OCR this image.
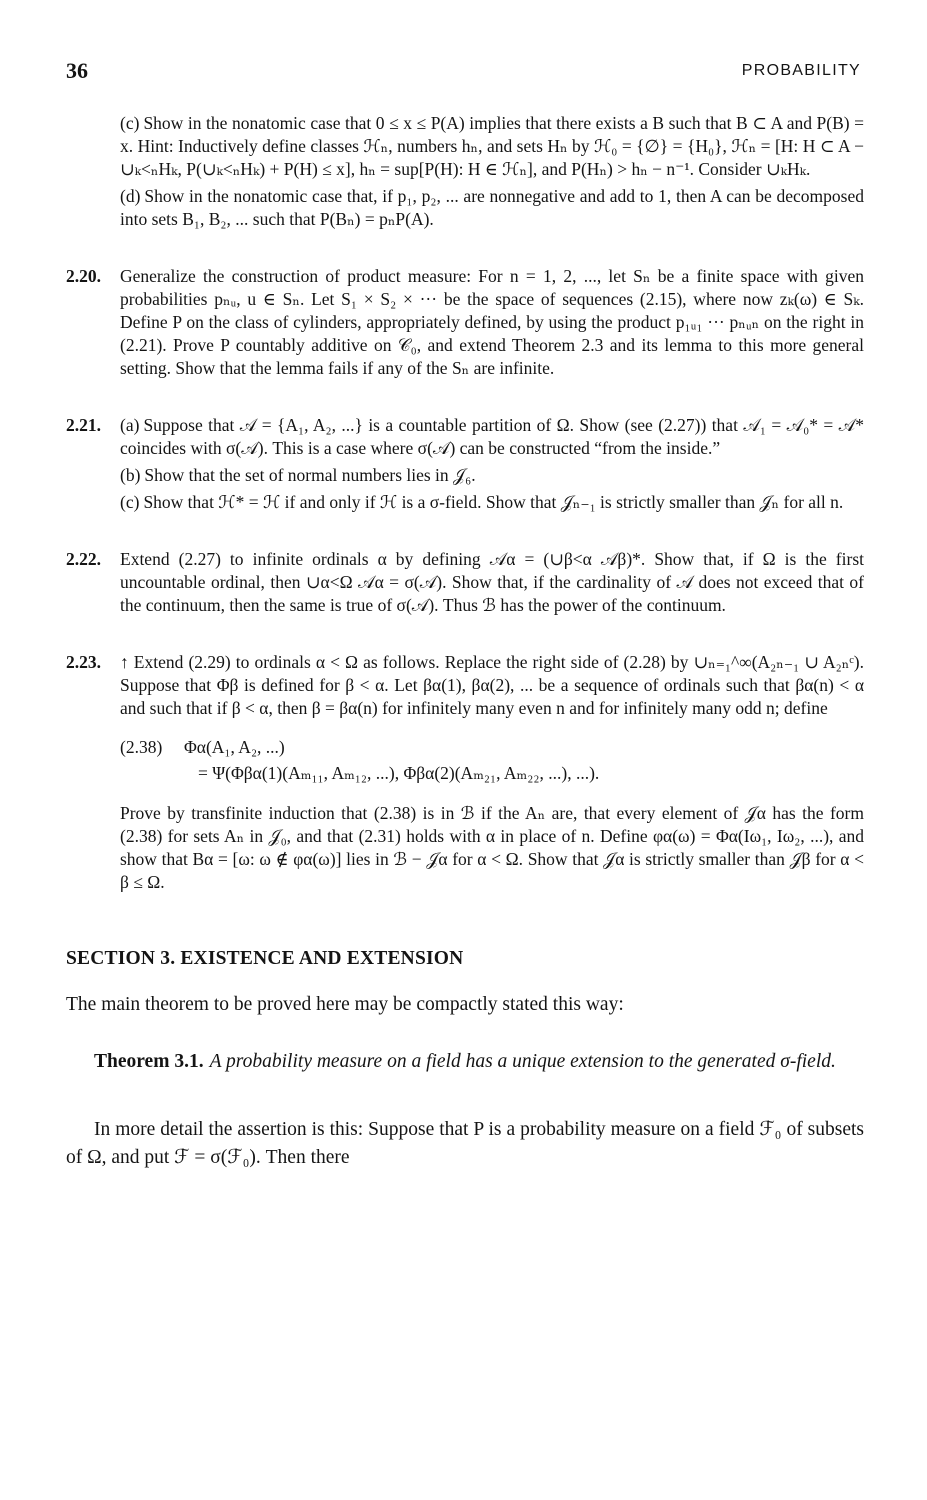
36	PROBABILITY

(c) Show in the nonatomic case that 0 ≤ x ≤ P(A) implies that there exists a B such that B ⊂ A and P(B) = x. Hint: Inductively define classes ℋₙ, numbers hₙ, and sets Hₙ by ℋ₀ = {∅} = {H₀}, ℋₙ = [H: H ⊂ A − ∪ₖ<ₙHₖ, P(∪ₖ<ₙHₖ) + P(H) ≤ x], hₙ = sup[P(H): H ∈ ℋₙ], and P(Hₙ) > hₙ − n⁻¹. Consider ∪ₖHₖ.

(d) Show in the nonatomic case that, if p₁, p₂, ... are nonnegative and add to 1, then A can be decomposed into sets B₁, B₂, ... such that P(Bₙ) = pₙP(A).

2.20. Generalize the construction of product measure: For n = 1, 2, ..., let Sₙ be a finite space with given probabilities pₙᵤ, u ∈ Sₙ. Let S₁ × S₂ × ··· be the space of sequences (2.15), where now zₖ(ω) ∈ Sₖ. Define P on the class of cylinders, appropriately defined, by using the product p₁ᵤ₁ ··· pₙᵤₙ on the right in (2.21). Prove P countably additive on 𝒞₀, and extend Theorem 2.3 and its lemma to this more general setting. Show that the lemma fails if any of the Sₙ are infinite.

2.21. (a) Suppose that 𝒜 = {A₁, A₂, ...} is a countable partition of Ω. Show (see (2.27)) that 𝒜₁ = 𝒜₀* = 𝒜* coincides with σ(𝒜). This is a case where σ(𝒜) can be constructed “from the inside.”

(b) Show that the set of normal numbers lies in 𝒥₆.

(c) Show that ℋ* = ℋ if and only if ℋ is a σ-field. Show that 𝒥ₙ₋₁ is strictly smaller than 𝒥ₙ for all n.

2.22. Extend (2.27) to infinite ordinals α by defining 𝒜α = (∪β<α 𝒜β)*. Show that, if Ω is the first uncountable ordinal, then ∪α<Ω 𝒜α = σ(𝒜). Show that, if the cardinality of 𝒜 does not exceed that of the continuum, then the same is true of σ(𝒜). Thus ℬ has the power of the continuum.

2.23. ↑ Extend (2.29) to ordinals α < Ω as follows. Replace the right side of (2.28) by ∪ₙ₌₁^∞(A₂ₙ₋₁ ∪ A₂ₙᶜ). Suppose that Φβ is defined for β < α. Let βα(1), βα(2), ... be a sequence of ordinals such that βα(n) < α and such that if β < α, then β = βα(n) for infinitely many even n and for infinitely many odd n; define

(2.38) Φα(A₁, A₂, ...)
= Ψ(Φβα(1)(Aₘ₁₁, Aₘ₁₂, ...), Φβα(2)(Aₘ₂₁, Aₘ₂₂, ...), ...).

Prove by transfinite induction that (2.38) is in ℬ if the Aₙ are, that every element of 𝒥α has the form (2.38) for sets Aₙ in 𝒥₀, and that (2.31) holds with α in place of n. Define φα(ω) = Φα(Iω₁, Iω₂, ...), and show that Bα = [ω: ω ∉ φα(ω)] lies in ℬ − 𝒥α for α < Ω. Show that 𝒥α is strictly smaller than 𝒥β for α < β ≤ Ω.

SECTION 3. EXISTENCE AND EXTENSION

The main theorem to be proved here may be compactly stated this way:

Theorem 3.1. A probability measure on a field has a unique extension to the generated σ-field.

In more detail the assertion is this: Suppose that P is a probability measure on a field ℱ₀ of subsets of Ω, and put ℱ = σ(ℱ₀). Then there
